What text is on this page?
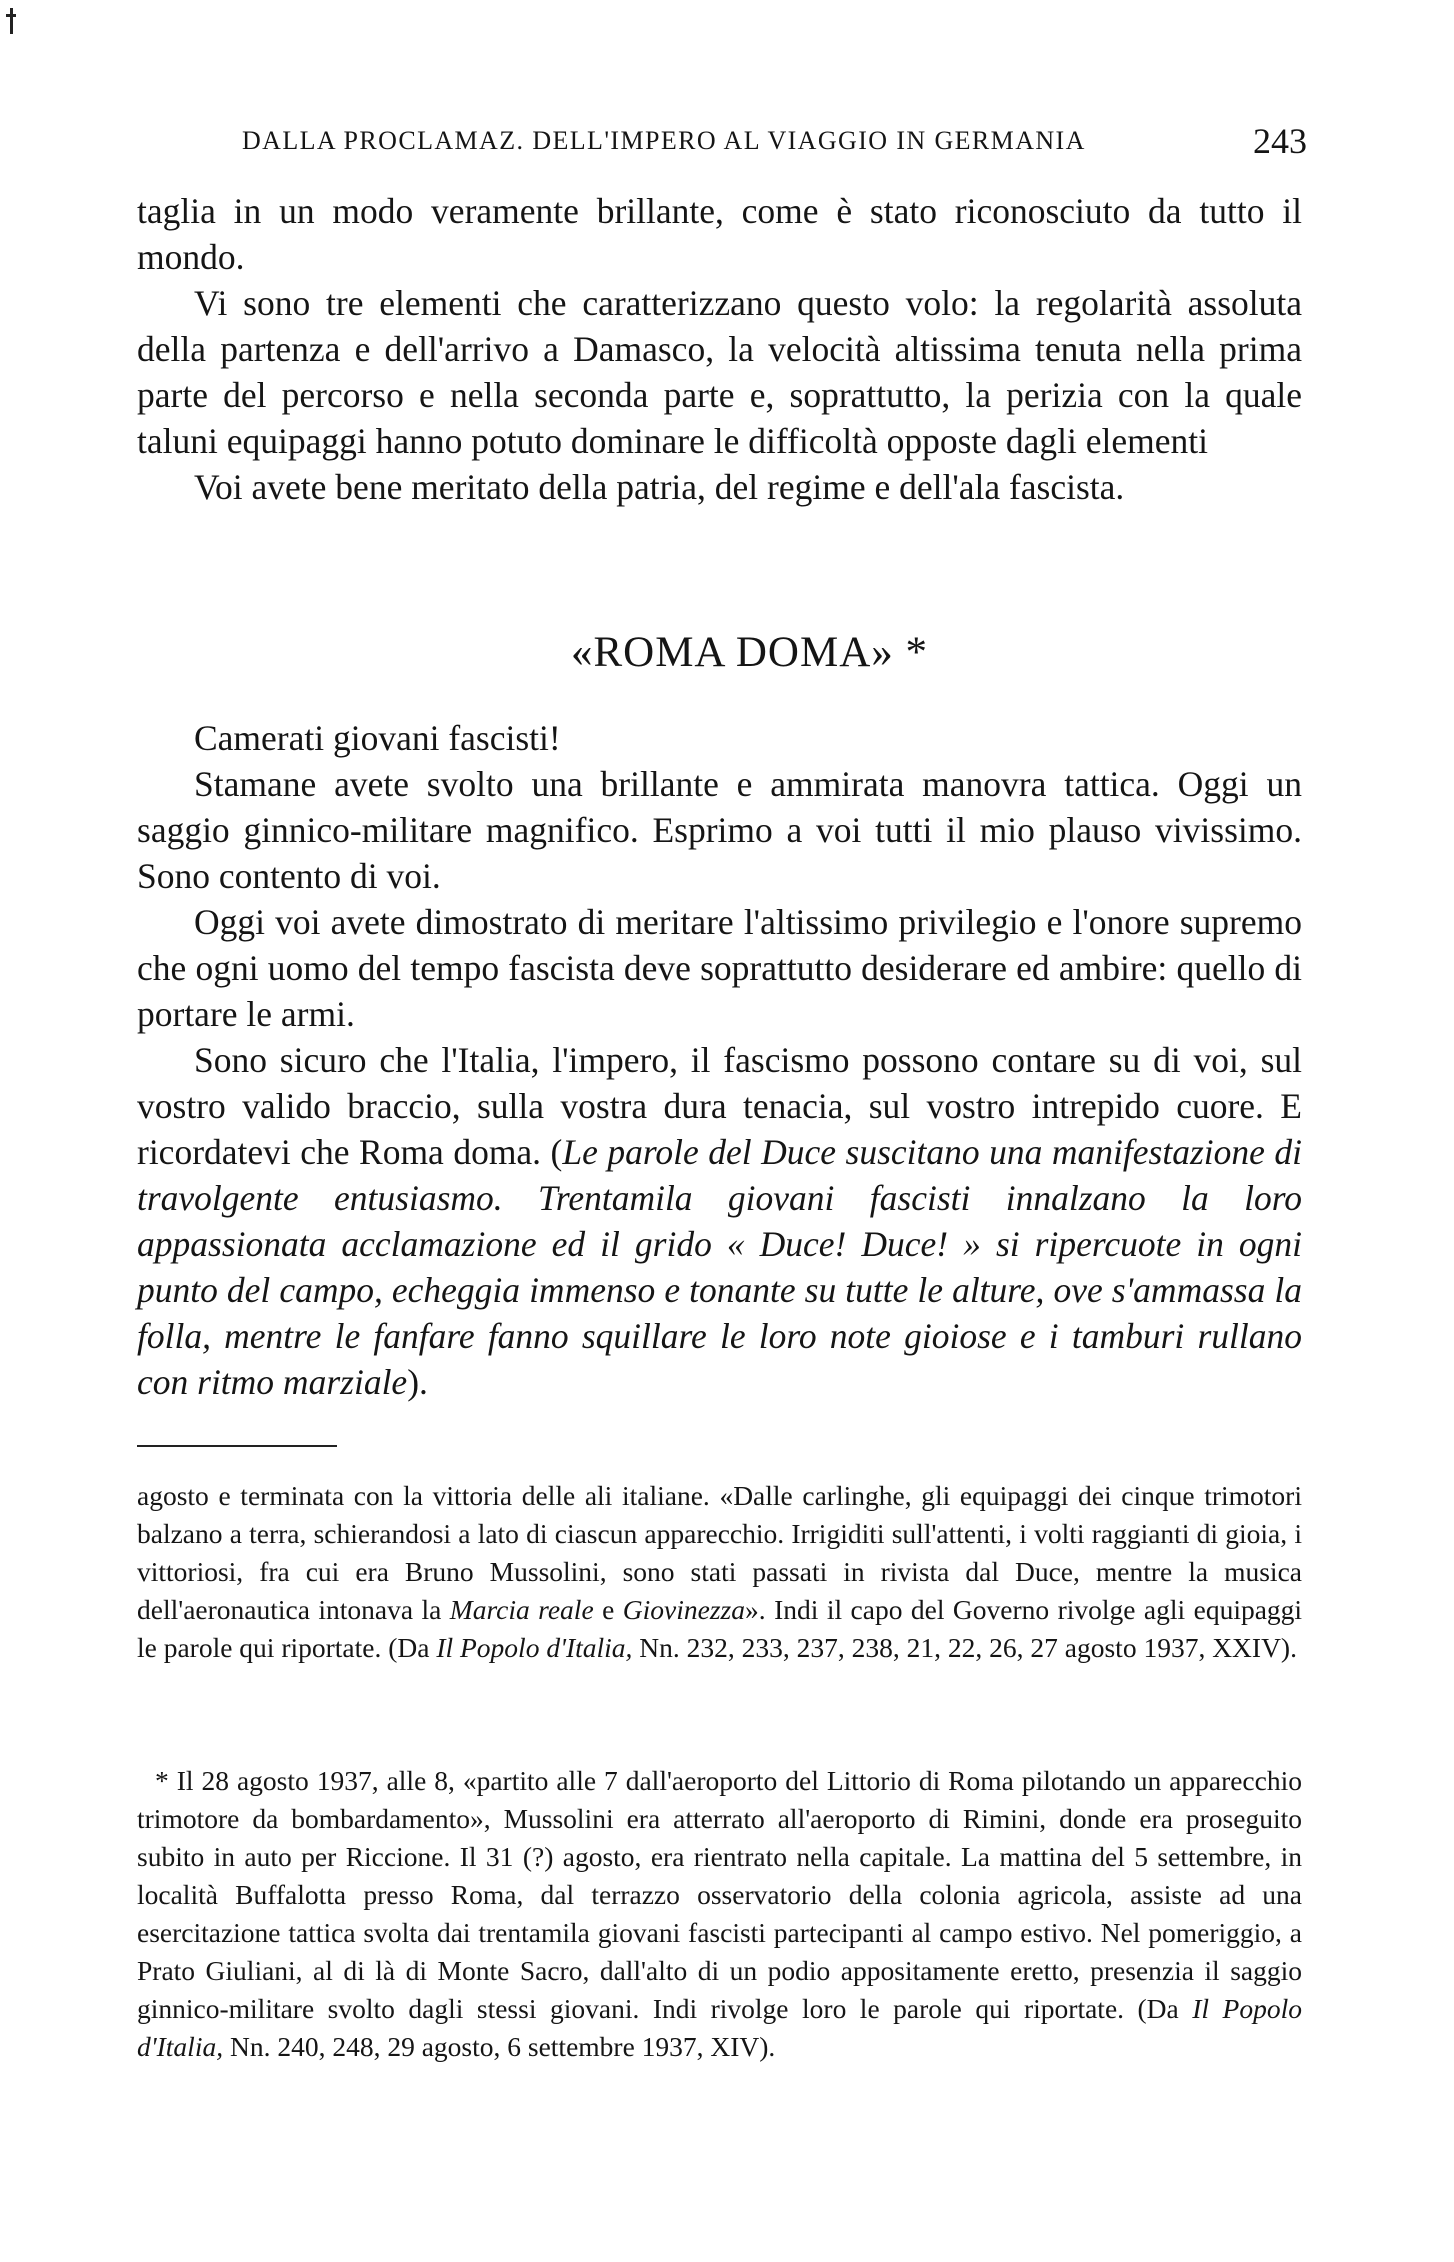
DALLA PROCLAMAZ. DELL'IMPERO AL VIAGGIO IN GERMANIA	243

taglia in un modo veramente brillante, come è stato riconosciuto da tutto il mondo.

Vi sono tre elementi che caratterizzano questo volo: la regolarità assoluta della partenza e dell'arrivo a Damasco, la velocità altissima tenuta nella prima parte del percorso e nella seconda parte e, soprattutto, la perizia con la quale taluni equipaggi hanno potuto dominare le difficoltà opposte dagli elementi

Voi avete bene meritato della patria, del regime e dell'ala fascista.

«ROMA DOMA» *

Camerati giovani fascisti!

Stamane avete svolto una brillante e ammirata manovra tattica. Oggi un saggio ginnico-militare magnifico. Esprimo a voi tutti il mio plauso vivissimo. Sono contento di voi.

Oggi voi avete dimostrato di meritare l'altissimo privilegio e l'onore supremo che ogni uomo del tempo fascista deve soprattutto desiderare ed ambire: quello di portare le armi.

Sono sicuro che l'Italia, l'impero, il fascismo possono contare su di voi, sul vostro valido braccio, sulla vostra dura tenacia, sul vostro intrepido cuore. E ricordatevi che Roma doma. (Le parole del Duce suscitano una manifestazione di travolgente entusiasmo. Trentamila giovani fascisti innalzano la loro appassionata acclamazione ed il grido « Duce! Duce! » si ripercuote in ogni punto del campo, echeggia immenso e tonante su tutte le alture, ove s'ammassa la folla, mentre le fanfare fanno squillare le loro note gioiose e i tamburi rullano con ritmo marziale).

agosto e terminata con la vittoria delle ali italiane. «Dalle carlinghe, gli equipaggi dei cinque trimotori balzano a terra, schierandosi a lato di ciascun apparecchio. Irrigiditi sull'attenti, i volti raggianti di gioia, i vittoriosi, fra cui era Bruno Mussolini, sono stati passati in rivista dal Duce, mentre la musica dell'aeronautica intonava la Marcia reale e Giovinezza». Indi il capo del Governo rivolge agli equipaggi le parole qui riportate. (Da Il Popolo d'Italia, Nn. 232, 233, 237, 238, 21, 22, 26, 27 agosto 1937, XXIV).

* Il 28 agosto 1937, alle 8, «partito alle 7 dall'aeroporto del Littorio di Roma pilotando un apparecchio trimotore da bombardamento», Mussolini era atterrato all'aeroporto di Rimini, donde era proseguito subito in auto per Riccione. Il 31 (?) agosto, era rientrato nella capitale. La mattina del 5 settembre, in località Buffalotta presso Roma, dal terrazzo osservatorio della colonia agricola, assiste ad una esercitazione tattica svolta dai trentamila giovani fascisti partecipanti al campo estivo. Nel pomeriggio, a Prato Giuliani, al di là di Monte Sacro, dall'alto di un podio appositamente eretto, presenzia il saggio ginnico-militare svolto dagli stessi giovani. Indi rivolge loro le parole qui riportate. (Da Il Popolo d'Italia, Nn. 240, 248, 29 agosto, 6 settembre 1937, XIV).
